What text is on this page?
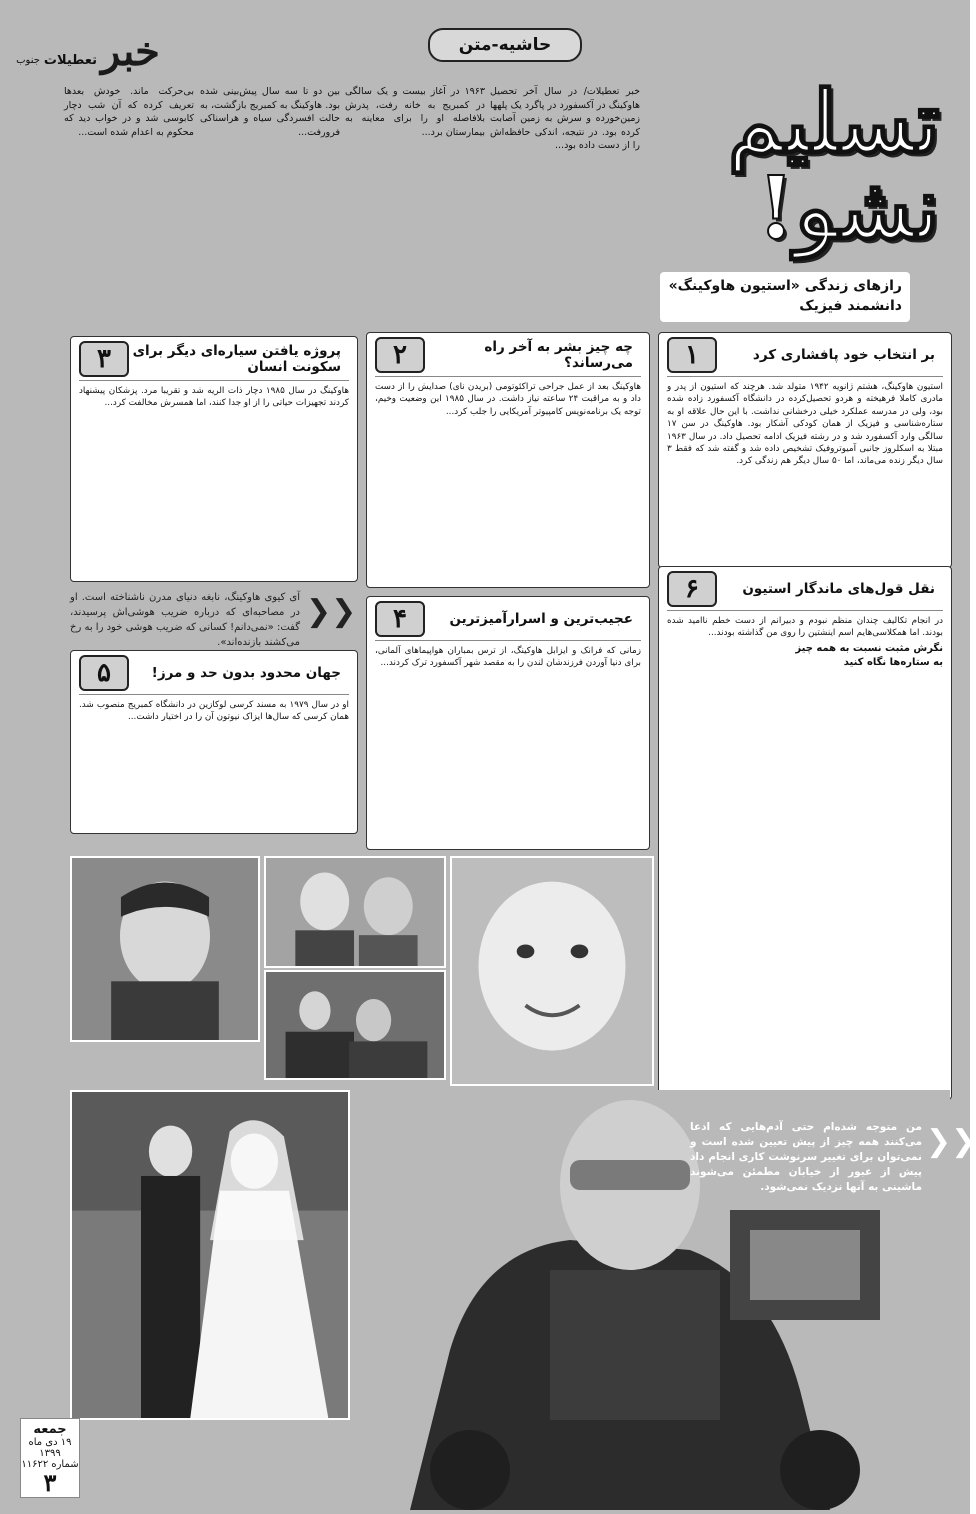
خبر
تعطیلات
جنوب
حاشیه-متن

تسلیم

نشو!

رازهای زندگی «استیون هاوکینگ»
دانشمند فیزیک
خبر تعطیلات/ در سال آخر تحصیل هاوکینگ در آکسفورد در پاگرد یک پلهها زمین‌خورده و سرش به زمین آصابت کرده بود. در نتیجه، اندکی حافظه‌اش را از دست داده بود...
۱۹۶۳ در آغاز بیست و یک سالگی در کمبریج به خانه رفت، پدرش بلافاصله او را برای معاینه به بیمارستان برد...
بین دو تا سه سال پیش‌بینی شده بود. هاوکینگ به کمبریج بازگشت، به حالت افسردگی سیاه و هراسناکی فرورفت...
بی‌حرکت ماند. خودش بعدها تعریف کرده که آن شب دچار کابوسی شد و در خواب دید که محکوم به اعدام شده است...
بر انتخاب خود پافشاری کرد
۱
استیون هاوکینگ، هشتم ژانویه ۱۹۴۲ متولد شد. هرچند که استیون از پدر و مادری کاملا فرهیخته و هردو تحصیل‌کرده در دانشگاه آکسفورد زاده شده بود، ولی در مدرسه عملکرد خیلی درخشانی نداشت. با این حال علاقه او به ستاره‌شناسی و فیزیک از همان کودکی آشکار بود. هاوکینگ در سن ۱۷ سالگی وارد آکسفورد شد و در رشته فیزیک ادامه تحصیل داد. در سال ۱۹۶۳ مبتلا به اسکلروز جانبی آمیوتروفیک تشخیص داده شد و گفته شد که فقط ۳ سال دیگر زنده می‌ماند، اما ۵۰ سال دیگر هم زندگی کرد.
چه چیز بشر به آخر راه می‌رساند؟
۲
هاوکینگ بعد از عمل جراحی تراکئوتومی (بریدن نای) صدایش را از دست داد و به مراقبت ۲۴ ساعته نیاز داشت. در سال ۱۹۸۵ این وضعیت وخیم، توجه یک برنامه‌نویس کامپیوتر آمریکایی را جلب کرد...
پروژه یافتن سیاره‌ای دیگر برای سکونت انسان
۳
هاوکینگ در سال ۱۹۸۵ دچار ذات الریه شد و تقریبا مرد. پزشکان پیشنهاد کردند تجهیزات حیاتی را از او جدا کنند، اما همسرش مخالفت کرد...
آی کیوی هاوکینگ، نابغه دنیای مدرن ناشناخته است. او در مصاحبه‌ای که درباره ضریب هوشی‌اش پرسیدند، گفت: «نمی‌دانم! کسانی که ضریب هوشی خود را به رخ می‌کشند بازنده‌اند».
❮❮	عجیب‌ترین و اسرارآمیزترین
۴
زمانی که فرانک و ایزابل هاوکینگ، از ترس بمباران هواپیماهای آلمانی، برای دنیا آوردن فرزندشان لندن را به مقصد شهر آکسفورد ترک کردند...
جهان محدود بدون حد و مرز!
۵
او در سال ۱۹۷۹ به مسند کرسی لوکازین در دانشگاه کمبریج منصوب شد. همان کرسی که سال‌ها ایزاک نیوتون آن را در اختیار داشت...
نقل قول‌های ماندگار استیون
۶
در انجام تکالیف چندان منظم نبودم و دبیرانم از دست خطم ناامید شده بودند. اما همکلاسی‌هایم اسم اینشتین را روی من گذاشته بودند...
نگرش مثبت نسبت به همه چیز
به ستاره‌ها نگاه کنید
من متوجه شده‌ام حتی آدم‌هایی که ادعا می‌کنند همه چیز از پیش تعیین شده است و نمی‌توان برای تغییر سرنوشت کاری انجام داد پیش از عبور از خیابان مطمئن می‌شوند ماشینی به آنها نزدیک نمی‌شود.
❮❮
جمعه
۱۹ دی ماه ۱۳۹۹
شماره ۱۱۶۲۲
۳
